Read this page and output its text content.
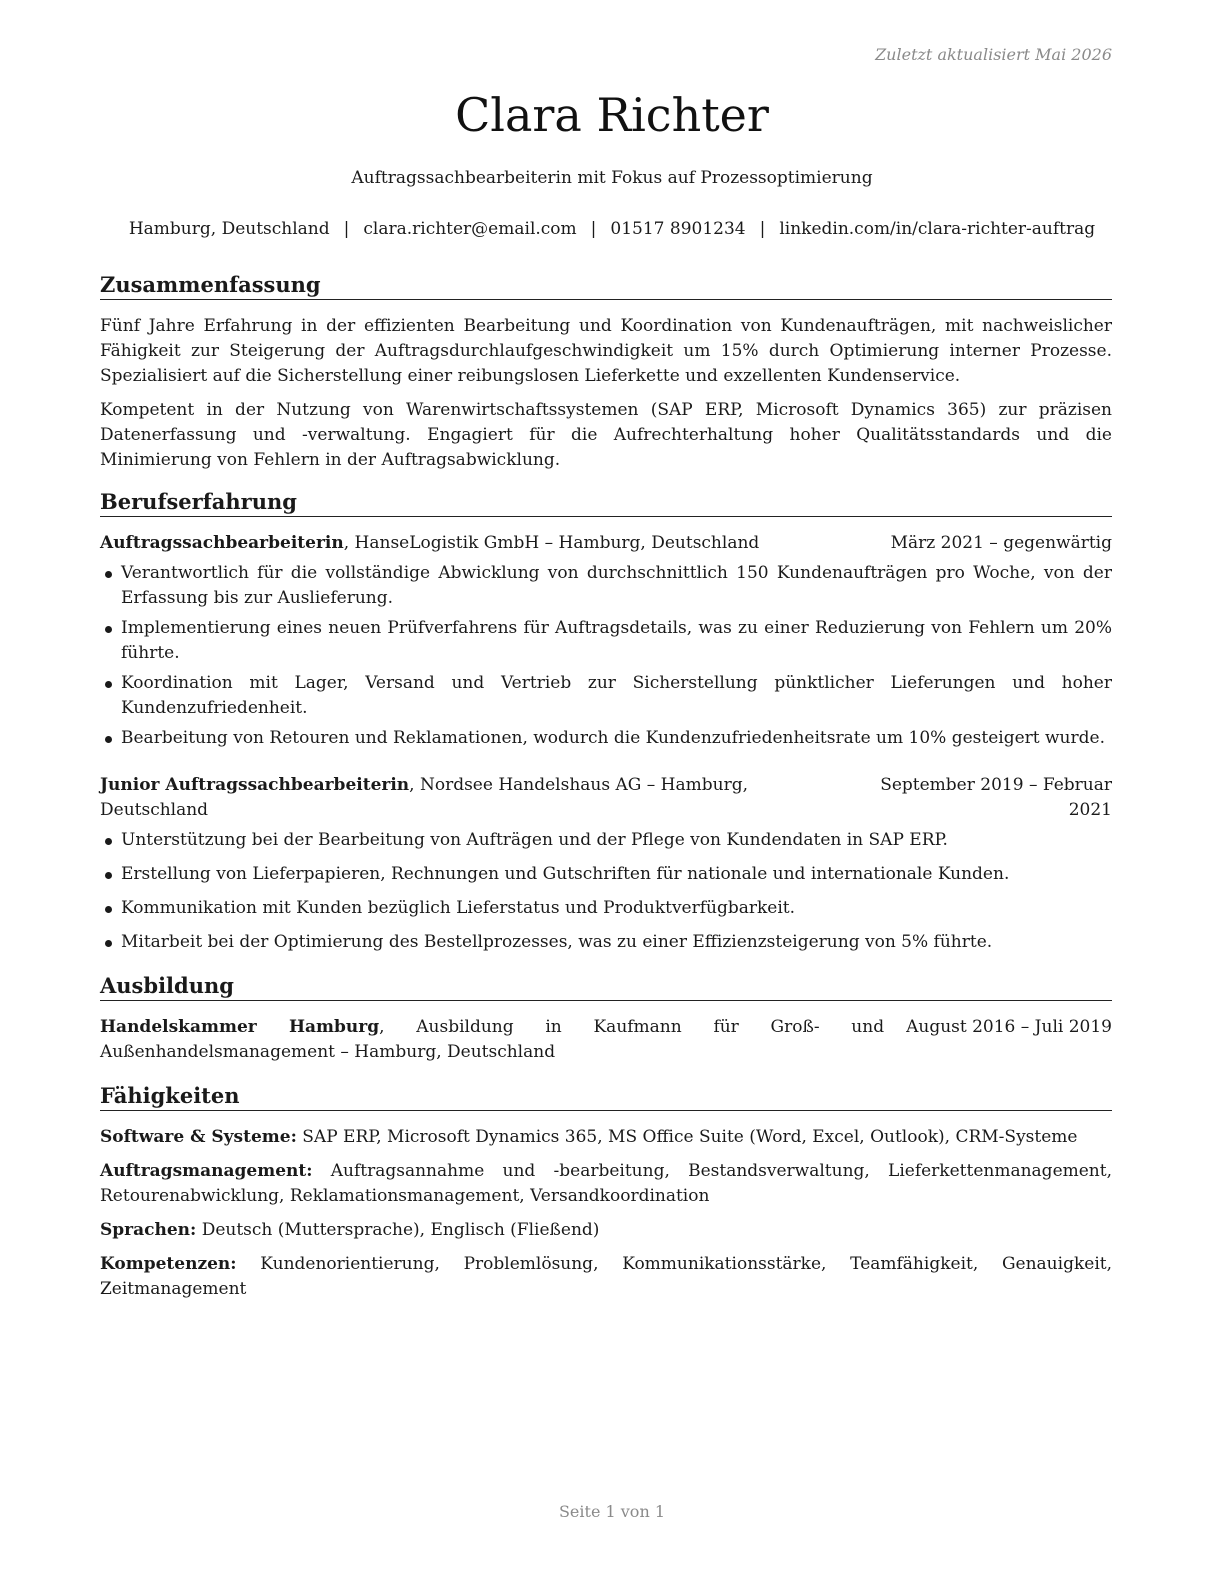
Zuletzt aktualisiert Mai 2026
Clara Richter
Auftragssachbearbeiterin mit Fokus auf Prozessoptimierung
Hamburg, Deutschland | clara.richter@email.com | 01517 8901234 | linkedin.com/in/clara-richter-auftrag
Zusammenfassung

Fünf Jahre Erfahrung in der effizienten Bearbeitung und Koordination von Kundenaufträgen, mit nachweislicher Fähigkeit zur Steigerung der Auftragsdurchlaufgeschwindigkeit um 15% durch Optimierung interner Prozesse. Spezialisiert auf die Sicherstellung einer reibungslosen Lieferkette und exzellenten Kundenservice.

Kompetent in der Nutzung von Warenwirtschaftssystemen (SAP ERP, Microsoft Dynamics 365) zur präzisen Datenerfassung und -verwaltung. Engagiert für die Aufrechterhaltung hoher Qualitätsstandards und die Minimierung von Fehlern in der Auftragsabwicklung.

Berufserfahrung
Auftragssachbearbeiterin, HanseLogistik GmbH – Hamburg, Deutschland	März 2021 – gegenwärtig
Verantwortlich für die vollständige Abwicklung von durchschnittlich 150 Kundenaufträgen pro Woche, von der Erfassung bis zur Auslieferung.
Implementierung eines neuen Prüfverfahrens für Auftragsdetails, was zu einer Reduzierung von Fehlern um 20% führte.
Koordination mit Lager, Versand und Vertrieb zur Sicherstellung pünktlicher Lieferungen und hoher Kundenzufriedenheit.
Bearbeitung von Retouren und Reklamationen, wodurch die Kundenzufriedenheitsrate um 10% gesteigert wurde.
Junior Auftragssachbearbeiterin, Nordsee Handelshaus AG – Hamburg, Deutschland
September 2019 – Februar 2021
Unterstützung bei der Bearbeitung von Aufträgen und der Pflege von Kundendaten in SAP ERP.
Erstellung von Lieferpapieren, Rechnungen und Gutschriften für nationale und internationale Kunden.
Kommunikation mit Kunden bezüglich Lieferstatus und Produktverfügbarkeit.
Mitarbeit bei der Optimierung des Bestellprozesses, was zu einer Effizienzsteigerung von 5% führte.
Ausbildung
Handelskammer Hamburg, Ausbildung in Kaufmann für Groß- und Außenhandelsmanagement – Hamburg, Deutschland
August 2016 – Juli 2019
Fähigkeiten
Software & Systeme: SAP ERP, Microsoft Dynamics 365, MS Office Suite (Word, Excel, Outlook), CRM-Systeme
Auftragsmanagement: Auftragsannahme und -bearbeitung, Bestandsverwaltung, Lieferkettenmanagement, Retourenabwicklung, Reklamationsmanagement, Versandkoordination
Sprachen: Deutsch (Muttersprache), Englisch (Fließend)
Kompetenzen: Kundenorientierung, Problemlösung, Kommunikationsstärke, Teamfähigkeit, Genauigkeit, Zeitmanagement
Seite 1 von 1
